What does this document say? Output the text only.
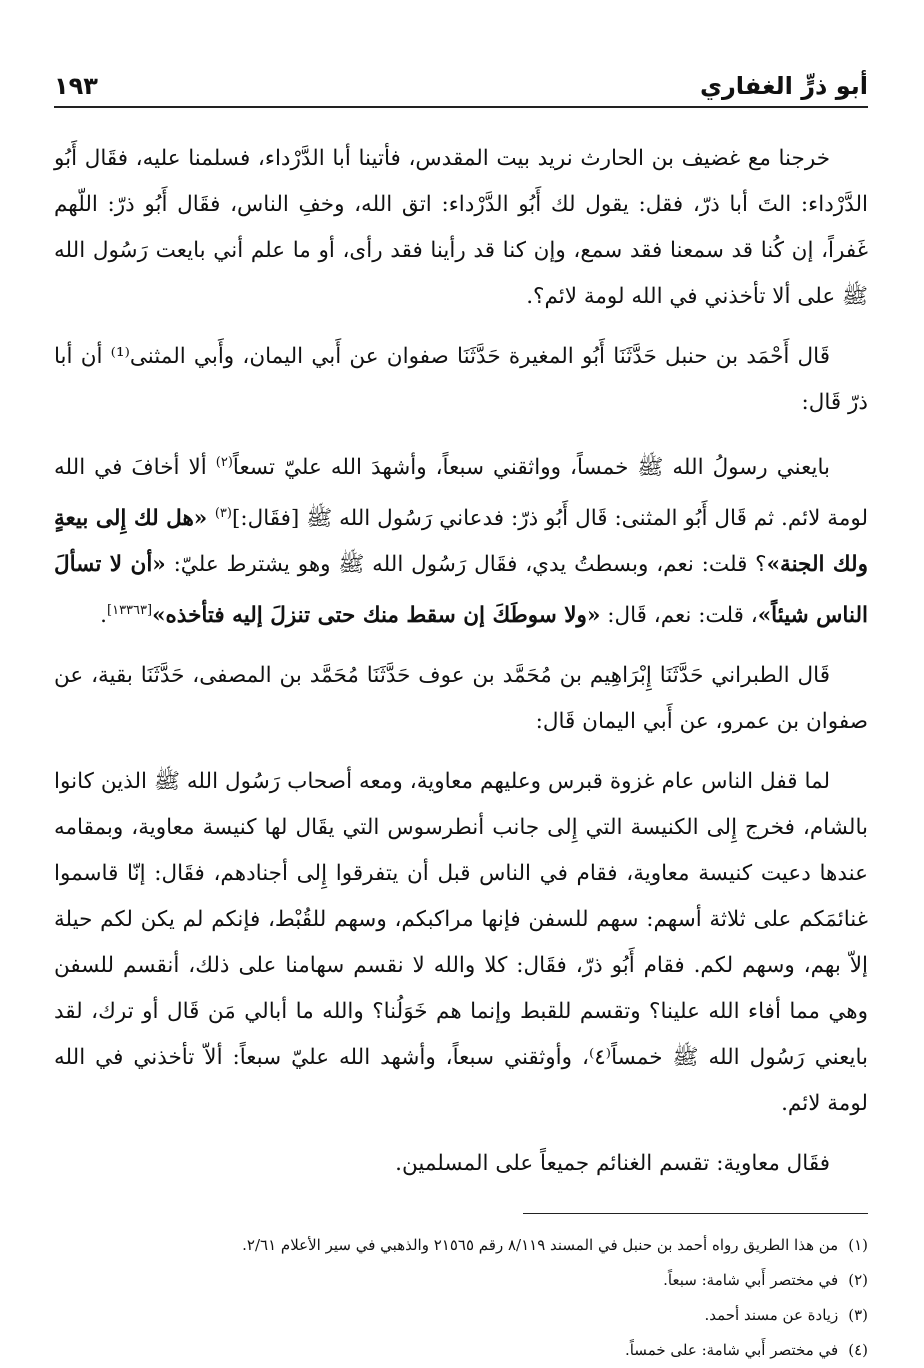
أبو ذرٍّ الغفاري
١٩٣

خرجنا مع غضيف بن الحارث نريد بيت المقدس، فأتينا أبا الدَّرْداء، فسلمنا عليه، فقَال أَبُو الدَّرْداء: التَ أبا ذرّ، فقل: يقول لك أَبُو الدَّرْداء: اتق الله، وخفِ الناس، فقَال أَبُو ذرّ: اللّهم غَفراً، إن كُنا قد سمعنا فقد سمع، وإن كنا قد رأينا فقد رأى، أو ما علم أني بايعت رَسُول الله ﷺ على ألا تأخذني في الله لومة لائم؟.

قَال أَحْمَد بن حنبل حَدَّثَنَا أَبُو المغيرة حَدَّثَنَا صفوان عن أَبي اليمان، وأَبي المثنى⁽¹⁾ أن أبا ذرّ قَال:

بايعني رسولُ الله ﷺ خمساً، وواثقني سبعاً، وأشهدَ الله عليّ تسعاً$^{(٢)}$ ألا أخافَ في الله لومة لائم. ثم قَال أَبُو المثنى: قَال أَبُو ذرّ: فدعاني رَسُول الله ﷺ [فقَال:]$^{(٣)}$ «هل لك إِلى بيعةٍ ولك الجنة»؟ قلت: نعم، وبسطتُ يدي، فقَال رَسُول الله ﷺ وهو يشترط عليّ: «أن لا تسألَ الناس شيئاً»، قلت: نعم، قَال: «ولا سوطَكَ إن سقط منك حتى تنزلَ إليه فتأخذه»[١٣٣٦٣].

قَال الطبراني حَدَّثَنَا إِبْرَاهِيم بن مُحَمَّد بن عوف حَدَّثَنَا مُحَمَّد بن المصفى، حَدَّثَنَا بقية، عن صفوان بن عمرو، عن أَبي اليمان قَال:

لما قفل الناس عام غزوة قبرس وعليهم معاوية، ومعه أصحاب رَسُول الله ﷺ الذين كانوا بالشام، فخرج إِلى الكنيسة التي إِلى جانب أنطرسوس التي يقَال لها كنيسة معاوية، وبمقامه عندها دعيت كنيسة معاوية، فقام في الناس قبل أن يتفرقوا إِلى أجنادهم، فقَال: إنّا قاسموا غنائمَكم على ثلاثة أسهم: سهم للسفن فإنها مراكبكم، وسهم للقُبْط، فإنكم لم يكن لكم حيلة إلاّ بهم، وسهم لكم. فقام أَبُو ذرّ، فقَال: كلا والله لا نقسم سهامنا على ذلك، أنقسم للسفن وهي مما أفاء الله علينا؟ وتقسم للقبط وإنما هم خَوَلُنا؟ والله ما أبالي مَن قَال أو ترك، لقد بايعني رَسُول الله ﷺ خمساً⁽٤⁾، وأوثقني سبعاً، وأشهد الله عليّ سبعاً: ألاّ تأخذني في الله لومة لائم.

فقَال معاوية: تقسم الغنائم جميعاً على المسلمين.

(١)
من هذا الطريق رواه أحمد بن حنبل في المسند ٨/١١٩ رقم ٢١٥٦٥ والذهبي في سير الأعلام ٢/٦١.
(٢)
في مختصر أَبي شامة: سبعاً.
(٣)
زيادة عن مسند أحمد.
(٤)
في مختصر أَبي شامة: على خمساً.
